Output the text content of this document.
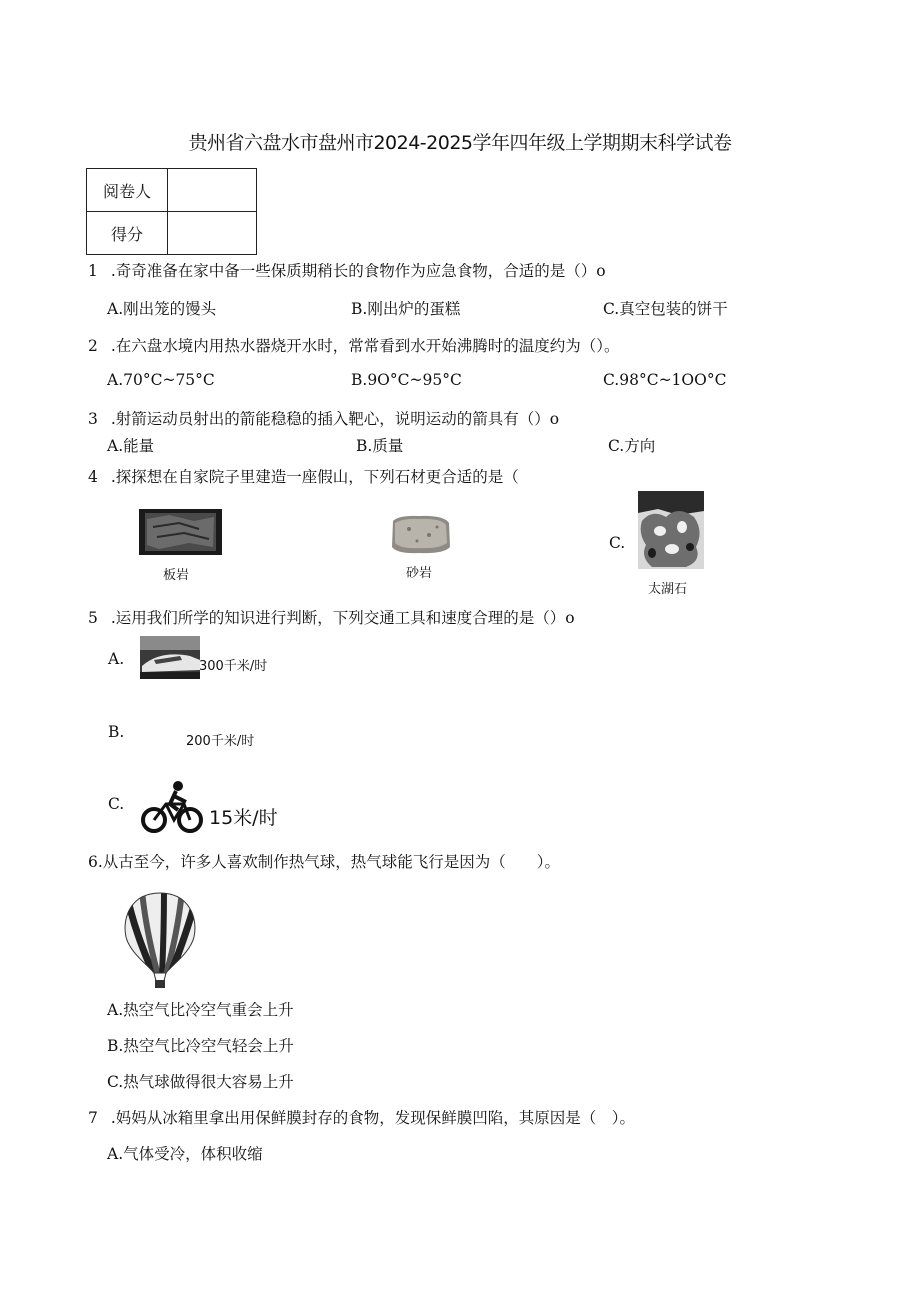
贵州省六盘水市盘州市2024-2025学年四年级上学期期末科学试卷
阅卷人	
得分	
1 .奇奇准备在家中备一些保质期稍长的食物作为应急食物，合适的是（）o
A.刚出笼的馒头	B.刚出炉的蛋糕	C.真空包装的饼干
2 .在六盘水境内用热水器烧开水时，常常看到水开始沸腾时的温度约为（）。
A.70°C~75°C	B.9O°C~95°C	C.98°C~1OO°C
3 .射箭运动员射出的箭能稳稳的插入靶心，说明运动的箭具有（）o
A.能量	B.质量	C.方向
4 .探探想在自家院子里建造一座假山，下列石材更合适的是（
板岩	砂岩
C.
太湖石
5 .运用我们所学的知识进行判断，下列交通工具和速度合理的是（）o
A.	300千米/时
B.
200千米/时
C.
15米/时
6.从古至今，许多人喜欢制作热气球，热气球能飞行是因为（　　）。
A.热空气比冷空气重会上升
B.热空气比冷空气轻会上升
C.热气球做得很大容易上升
7 .妈妈从冰箱里拿出用保鲜膜封存的食物，发现保鲜膜凹陷，其原因是（　）。
A.气体受冷，体积收缩
